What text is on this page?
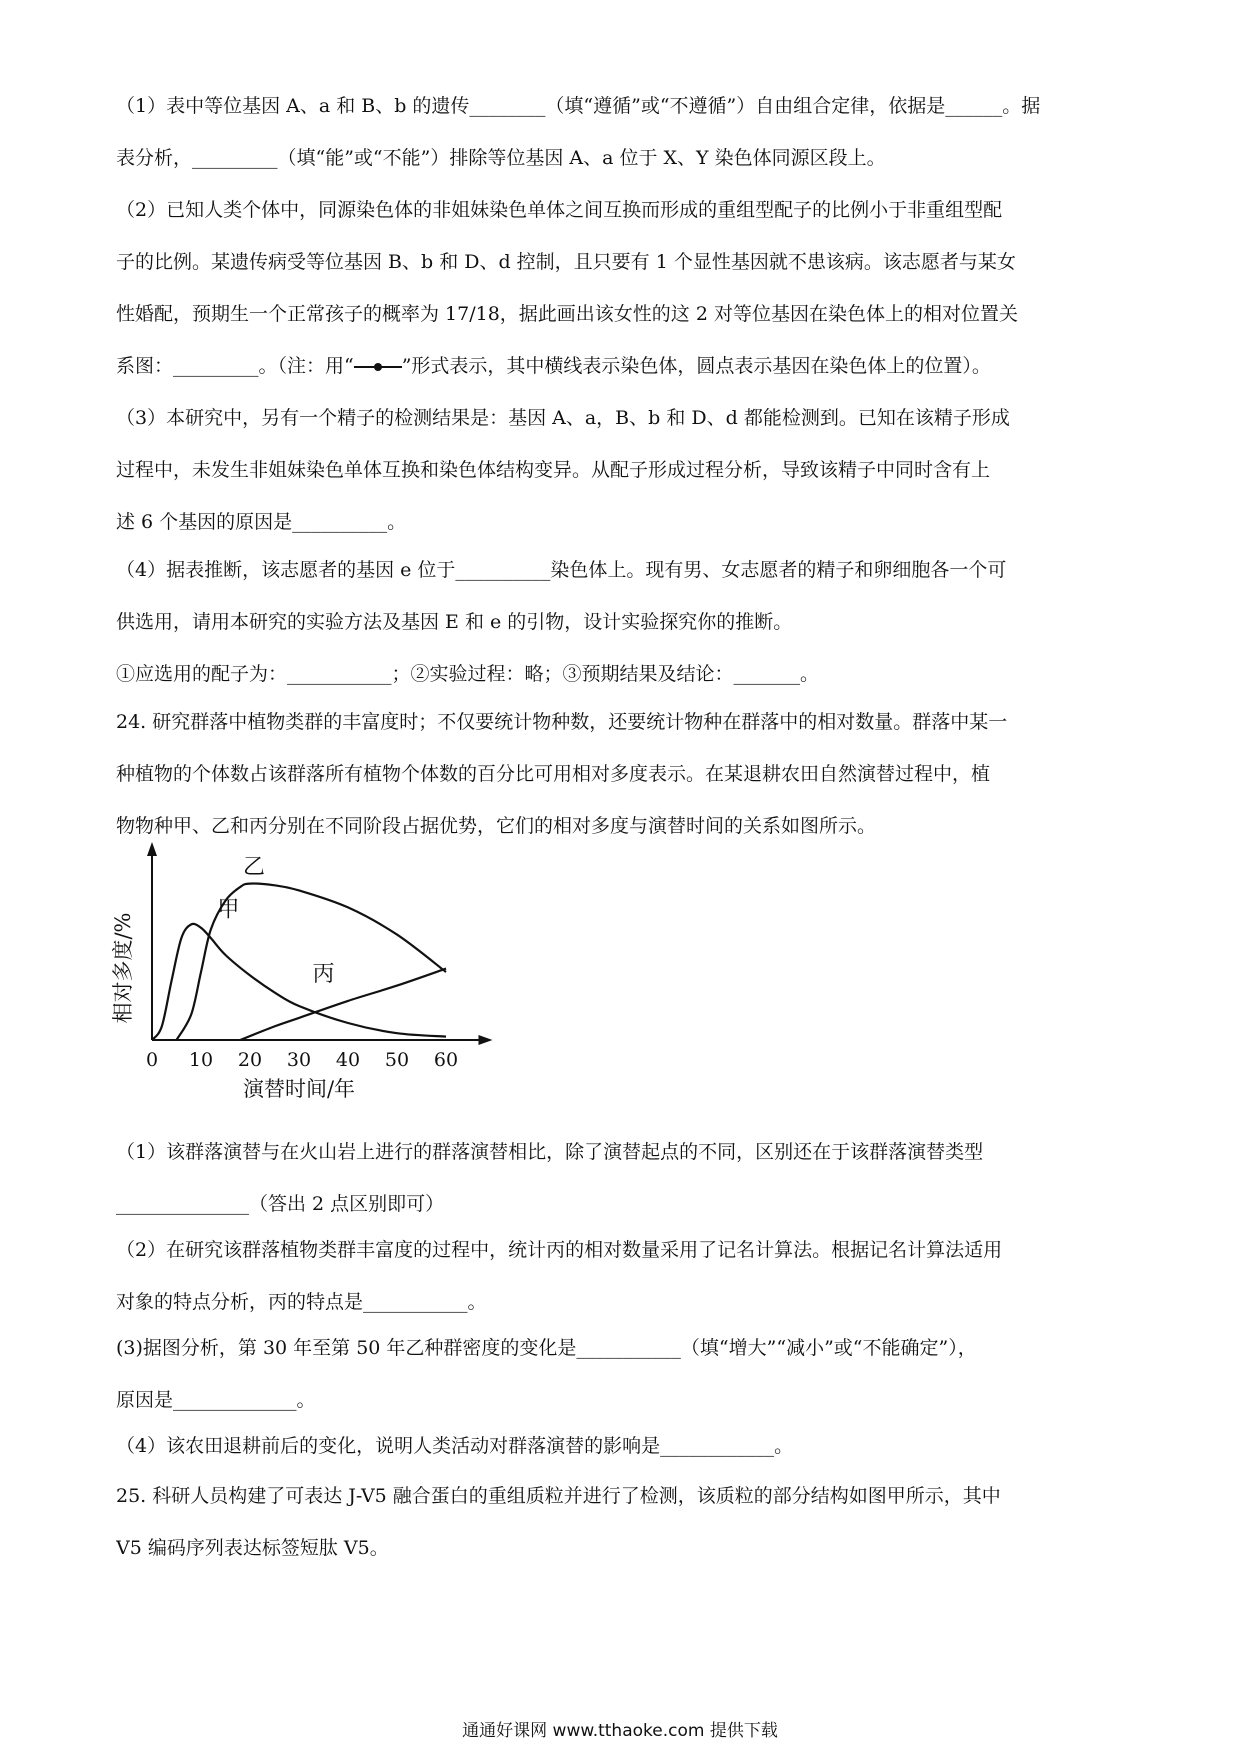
（1）表中等位基因 A、a 和 B、b 的遗传________（填“遵循”或“不遵循”）自由组合定律，依据是______。据
表分析，_________（填“能”或“不能”）排除等位基因 A、a 位于 X、Y 染色体同源区段上。
（2）已知人类个体中，同源染色体的非姐妹染色单体之间互换而形成的重组型配子的比例小于非重组型配
子的比例。某遗传病受等位基因 B、b 和 D、d 控制，且只要有 1 个显性基因就不患该病。该志愿者与某女
性婚配，预期生一个正常孩子的概率为 17/18，据此画出该女性的这 2 对等位基因在染色体上的相对位置关
系图：_________。（注：用“	”形式表示，其中横线表示染色体，圆点表示基因在染色体上的位置）。
（3）本研究中，另有一个精子的检测结果是：基因 A、a，B、b 和 D、d 都能检测到。已知在该精子形成
过程中，未发生非姐妹染色单体互换和染色体结构变异。从配子形成过程分析，导致该精子中同时含有上
述 6 个基因的原因是__________。
（4）据表推断，该志愿者的基因 e 位于__________染色体上。现有男、女志愿者的精子和卵细胞各一个可
供选用，请用本研究的实验方法及基因 E 和 e 的引物，设计实验探究你的推断。
①应选用的配子为：___________；②实验过程：略；③预期结果及结论：_______。
24. 研究群落中植物类群的丰富度时；不仅要统计物种数，还要统计物种在群落中的相对数量。群落中某一
种植物的个体数占该群落所有植物个体数的百分比可用相对多度表示。在某退耕农田自然演替过程中，植
物物种甲、乙和丙分别在不同阶段占据优势，它们的相对多度与演替时间的关系如图所示。
0 10 20 30 40 50 60
演替时间/年
相对多度/%
甲
乙
丙
（1）该群落演替与在火山岩上进行的群落演替相比，除了演替起点的不同，区别还在于该群落演替类型
______________（答出 2 点区别即可）
（2）在研究该群落植物类群丰富度的过程中，统计丙的相对数量采用了记名计算法。根据记名计算法适用
对象的特点分析，丙的特点是___________。
(3)据图分析，第 30 年至第 50 年乙种群密度的变化是___________（填“增大”“减小”或“不能确定”），
原因是_____________。
（4）该农田退耕前后的变化，说明人类活动对群落演替的影响是____________。
25. 科研人员构建了可表达 J-V5 融合蛋白的重组质粒并进行了检测，该质粒的部分结构如图甲所示，其中
V5 编码序列表达标签短肽 V5。
通通好课网 www.tthaoke.com 提供下载
